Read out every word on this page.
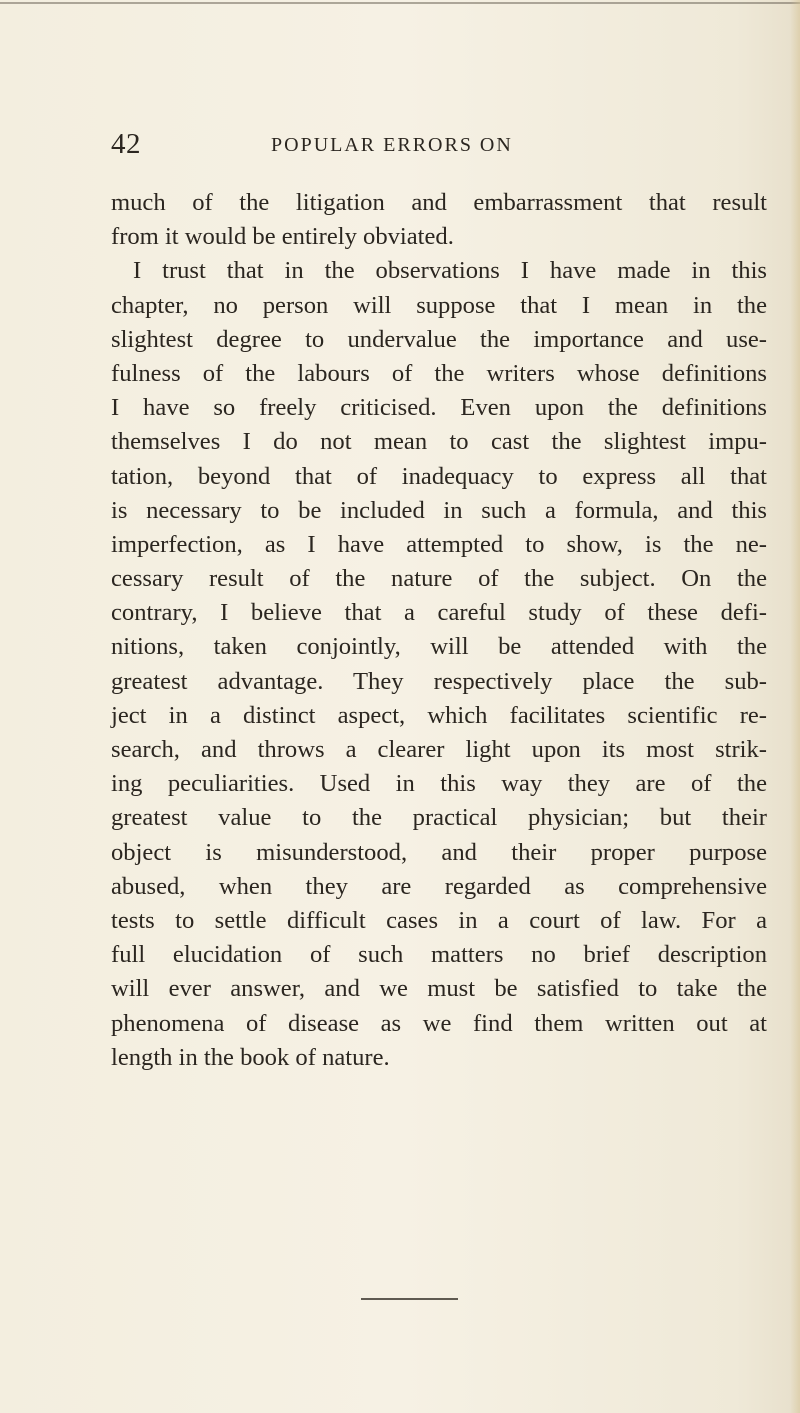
42	POPULAR ERRORS ON
much of the litigation and embarrassment that result
from it would be entirely obviated.
I trust that in the observations I have made in this
chapter, no person will suppose that I mean in the
slightest degree to undervalue the importance and use-
fulness of the labours of the writers whose definitions
I have so freely criticised. Even upon the definitions
themselves I do not mean to cast the slightest impu-
tation, beyond that of inadequacy to express all that
is necessary to be included in such a formula, and this
imperfection, as I have attempted to show, is the ne-
cessary result of the nature of the subject. On the
contrary, I believe that a careful study of these defi-
nitions, taken conjointly, will be attended with the
greatest advantage. They respectively place the sub-
ject in a distinct aspect, which facilitates scientific re-
search, and throws a clearer light upon its most strik-
ing peculiarities. Used in this way they are of the
greatest value to the practical physician; but their
object is misunderstood, and their proper purpose
abused, when they are regarded as comprehensive
tests to settle difficult cases in a court of law. For a
full elucidation of such matters no brief description
will ever answer, and we must be satisfied to take the
phenomena of disease as we find them written out at
length in the book of nature.
